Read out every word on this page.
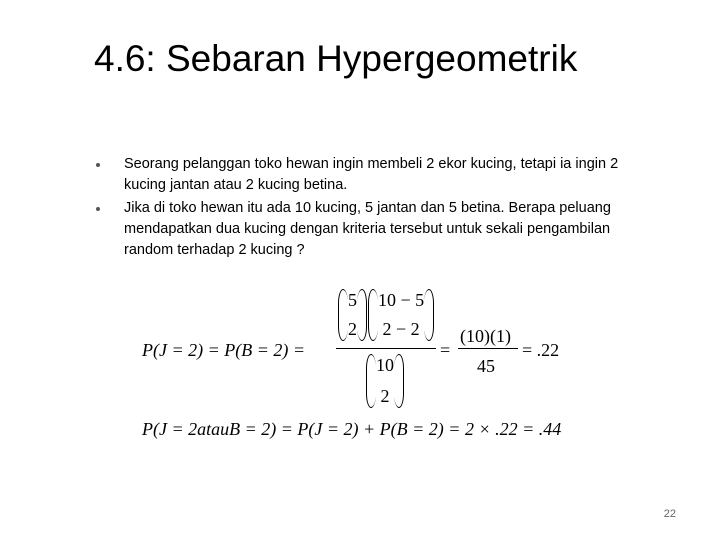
4.6: Sebaran Hypergeometrik
Seorang pelanggan toko hewan ingin membeli 2 ekor kucing, tetapi ia ingin 2 kucing jantan atau 2 kucing betina.
Jika di toko hewan itu ada 10 kucing, 5 jantan dan 5 betina. Berapa peluang mendapatkan dua kucing dengan kriteria tersebut untuk sekali pengambilan random terhadap 2 kucing ?
P(J = 2) = P(B = 2) =
5
2
10 − 5
2 − 2
10
2
=
(10)(1)
45
= .22
P(J = 2atauB = 2) = P(J = 2) + P(B = 2) = 2 × .22 = .44
22
